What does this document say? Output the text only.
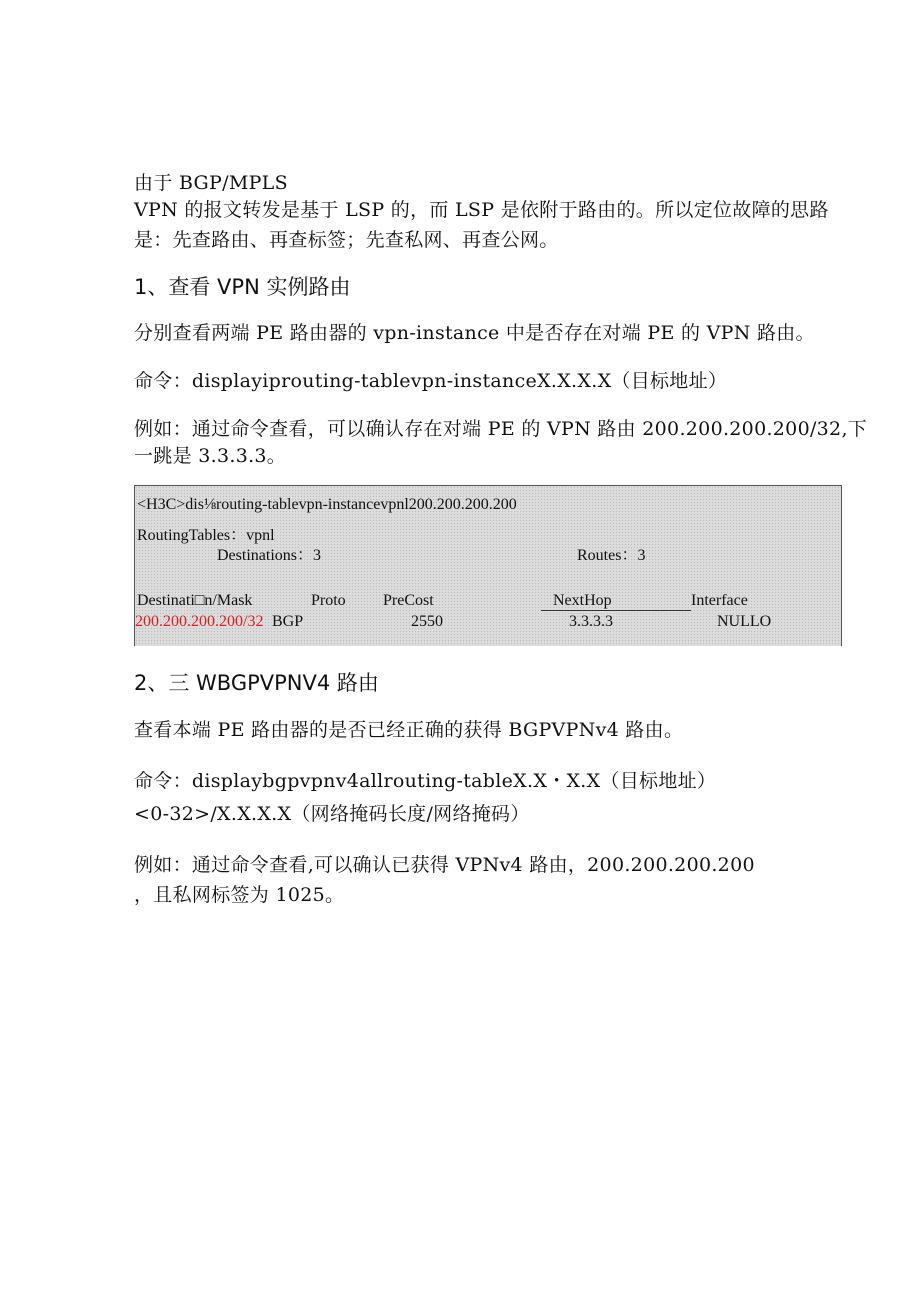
由于 BGP/MPLS
VPN 的报文转发是基于 LSP 的，而 LSP 是依附于路由的。所以定位故障的思路
是：先查路由、再查标签；先查私网、再查公网。
1、查看 VPN 实例路由
分别查看两端 PE 路由器的 vpn-instance 中是否存在对端 PE 的 VPN 路由。
命令：displayiprouting-tablevpn-instanceX.X.X.X（目标地址）
例如：通过命令查看，可以确认存在对端 PE 的 VPN 路由 200.200.200.200/32,下
一跳是 3.3.3.3。
<H3C>dis⅛routing-tablevpn-instancevpnl200.200.200.200
RoutingTables：vpnl
Destinations：3	Routes：3
Destinati□n/Mask	Proto PreCost	NextHop	Interface
200.200.200.200/32 BGP	2550	3.3.3.3	NULLO
2、三 WBGPVPNV4 路由
查看本端 PE 路由器的是否已经正确的获得 BGPVPNv4 路由。
命令：displaybgpvpnv4allrouting-tableX.X・X.X（目标地址）
<0-32>/X.X.X.X（网络掩码长度/网络掩码）
例如：通过命令查看,可以确认已获得 VPNv4 路由，200.200.200.200
，且私网标签为 1025。
